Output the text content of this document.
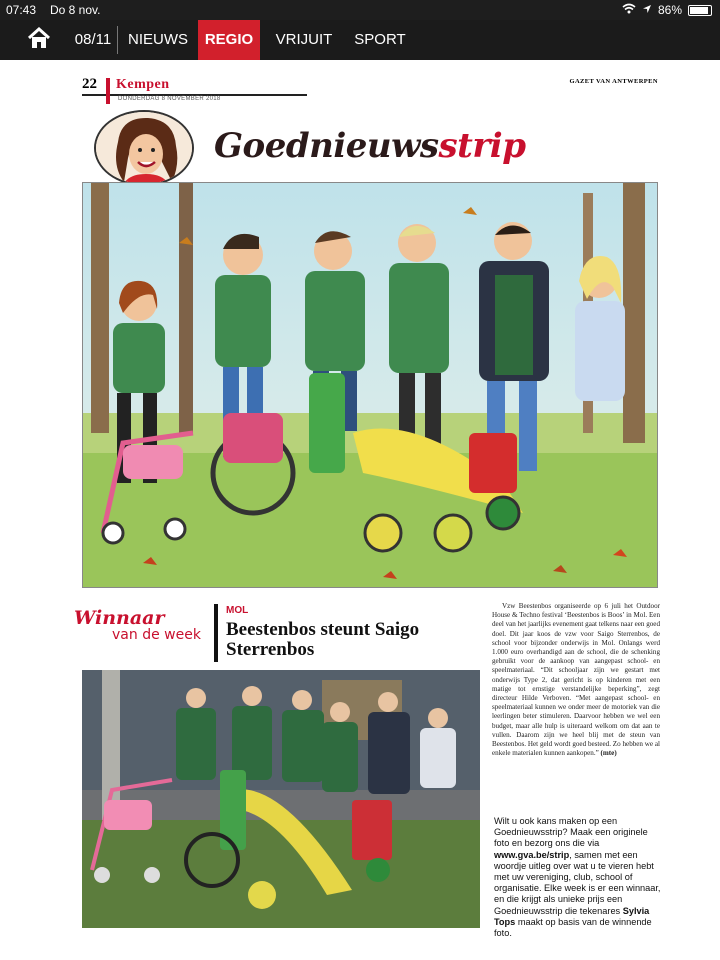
07:43 Do 8 nov.	86%
08/11	NIEUWS	REGIO	VRIJUIT SPORT
22 Kempen
DONDERDAG 8 NOVEMBER 2018
GAZET VAN ANTWERPEN
Goednieuwsstrip
Winnaar
van de week
MOL
Beestenbos steunt Saigo Sterrenbos
Vzw Beestenbos organiseerde op 6 juli het Outdoor House & Techno festival ‘Beestenbos is Boos’ in Mol. Een deel van het jaarlijks evenement gaat telkens naar een goed doel. Dit jaar koos de vzw voor Saigo Sterrenbos, de school voor bijzonder onderwijs in Mol. Onlangs werd 1.000 euro overhandigd aan de school, die de schenking gebruikt voor de aankoop van aangepast school- en speelmateriaal. “Dit schooljaar zijn we gestart met onderwijs Type 2, dat gericht is op kinderen met een matige tot ernstige verstandelijke beperking”, zegt directeur Hilde Verboven. “Met aangepast school- en speelmateriaal kunnen we onder meer de motoriek van die leerlingen beter stimuleren. Daarvoor hebben we wel een budget, maar alle hulp is uiteraard welkom om dat aan te vullen. Daarom zijn we heel blij met de steun van Beestenbos. Het geld wordt goed besteed. Zo hebben we al enkele materialen kunnen aankopen.” (mte)
Wilt u ook kans maken op een Goednieuwsstrip? Maak een originele foto en bezorg ons die via www.gva.be/strip, samen met een woordje uitleg over wat u te vieren hebt met uw vereniging, club, school of organisatie. Elke week is er een winnaar, en die krijgt als unieke prijs een Goednieuwsstrip die tekenares Sylvia Tops maakt op basis van de winnende foto.
